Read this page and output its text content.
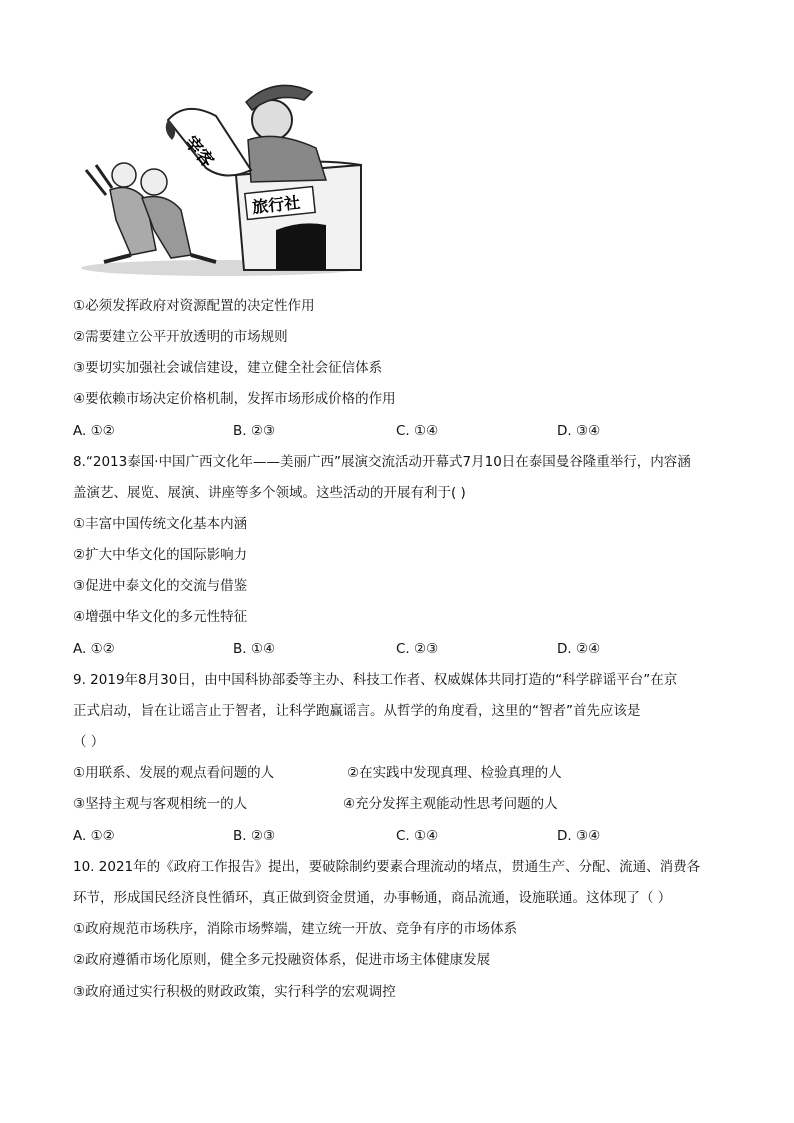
旅行社
宰客
①必须发挥政府对资源配置的决定性作用
②需要建立公平开放透明的市场规则
③要切实加强社会诚信建设，建立健全社会征信体系
④要依赖市场决定价格机制，发挥市场形成价格的作用
A. ①②	B. ②③	C. ①④	D. ③④
8.“2013泰国·中国广西文化年——美丽广西”展演交流活动开幕式7月10日在泰国曼谷隆重举行，内容涵
盖演艺、展览、展演、讲座等多个领域。这些活动的开展有利于( )
①丰富中国传统文化基本内涵
②扩大中华文化的国际影响力
③促进中泰文化的交流与借鉴
④增强中华文化的多元性特征
A. ①②	B. ①④	C. ②③	D. ②④
9. 2019年8月30日，由中国科协部委等主办、科技工作者、权威媒体共同打造的“科学辟谣平台”在京
正式启动，旨在让谣言止于智者，让科学跑赢谣言。从哲学的角度看，这里的“智者”首先应该是
（ ）
①用联系、发展的观点看问题的人	②在实践中发现真理、检验真理的人
③坚持主观与客观相统一的人	④充分发挥主观能动性思考问题的人
A. ①②	B. ②③	C. ①④	D. ③④
10. 2021年的《政府工作报告》提出，要破除制约要素合理流动的堵点，贯通生产、分配、流通、消费各
环节，形成国民经济良性循环，真正做到资金贯通，办事畅通，商品流通，设施联通。这体现了（ ）
①政府规范市场秩序，消除市场弊端，建立统一开放、竞争有序的市场体系
②政府遵循市场化原则，健全多元投融资体系，促进市场主体健康发展
③政府通过实行积极的财政政策，实行科学的宏观调控
